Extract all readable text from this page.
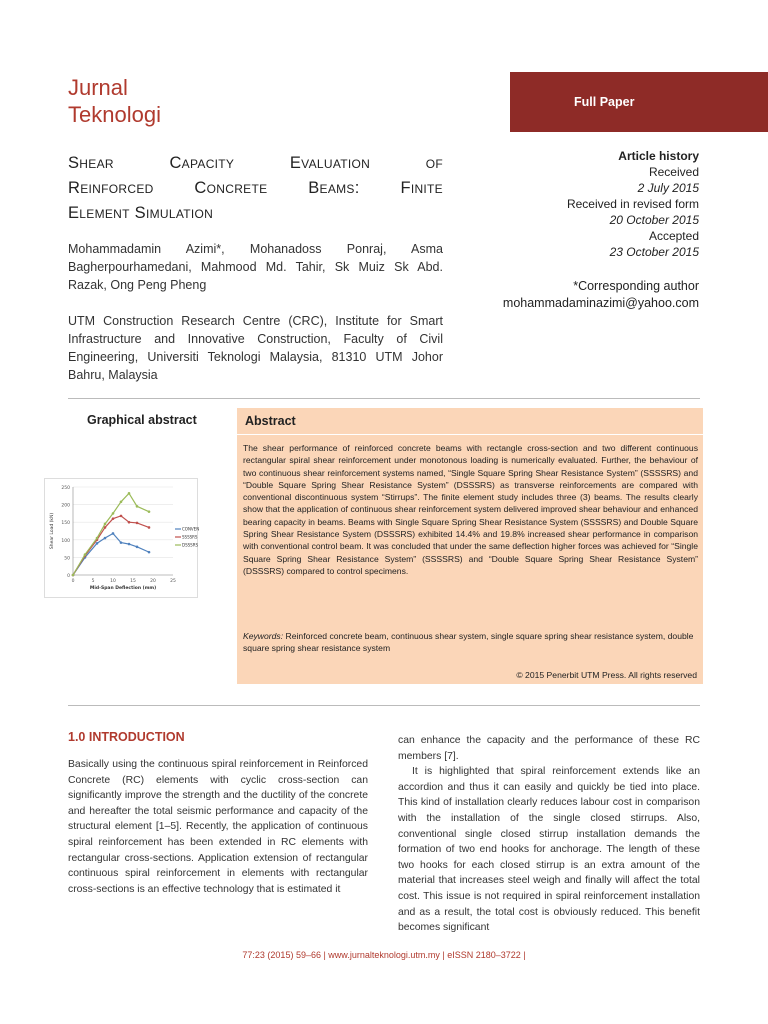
Jurnal
Teknologi	Full Paper
Shear	Capacity	Evaluation	of
Reinforced Concrete Beams: Finite
Element Simulation
Mohammadamin Azimi*, Mohanadoss Ponraj, Asma Bagherpourhamedani, Mahmood Md. Tahir, Sk Muiz Sk Abd. Razak, Ong Peng Pheng
UTM Construction Research Centre (CRC), Institute for Smart Infrastructure and Innovative Construction, Faculty of Civil Engineering, Universiti Teknologi Malaysia, 81310 UTM Johor Bahru, Malaysia
Article history
Received
2 July 2015
Received in revised form
20 October 2015
Accepted
23 October 2015
*Corresponding author
mohammadaminazimi@yahoo.com
Graphical abstract
0
50
100
150
200
250
0	5	10	15	20	25
Mid-Span Deflection (mm)
Shear Load (kN)	CONVEN
SSSSRS
DSSSRS
Abstract
The shear performance of reinforced concrete beams with rectangle cross-section and two different continuous rectangular spiral shear reinforcement under monotonous loading is numerically evaluated. Further, the behaviour of two continuous shear reinforcement systems named, “Single Square Spring Shear Resistance System” (SSSSRS) and “Double Square Spring Shear Resistance System” (DSSSRS) as transverse reinforcements are compared with conventional discontinuous system “Stirrups”. The finite element study includes three (3) beams. The results clearly show that the application of continuous shear reinforcement system delivered improved shear behaviour and enhanced bearing capacity in beams. Beams with Single Square Spring Shear Resistance System (SSSSRS) and Double Square Spring Shear Resistance System (DSSSRS) exhibited 14.4% and 19.8% increased shear performance in comparison with conventional control beam. It was concluded that under the same deflection higher forces was achieved for “Single Square Spring Shear Resistance System” (SSSSRS) and “Double Square Spring Shear Resistance System” (DSSSRS) compared to control specimens.
Keywords: Reinforced concrete beam, continuous shear system, single square spring shear resistance system, double square spring shear resistance system
© 2015 Penerbit UTM Press. All rights reserved
1.0 INTRODUCTION
Basically using the continuous spiral reinforcement in Reinforced Concrete (RC) elements with cyclic cross-section can significantly improve the strength and the ductility of the concrete and hereafter the total seismic performance and capacity of the structural element [1–5]. Recently, the application of continuous spiral reinforcement has been extended in RC elements with rectangular cross-sections. Application extension of rectangular continuous spiral reinforcement in elements with rectangular cross-sections is an effective technology that is estimated it
can enhance the capacity and the performance of these RC members [7].
It is highlighted that spiral reinforcement extends like an accordion and thus it can easily and quickly be tied into place. This kind of installation clearly reduces labour cost in comparison with the installation of the single closed stirrups. Also, conventional single closed stirrup installation demands the formation of two end hooks for anchorage. The length of these two hooks for each closed stirrup is an extra amount of the material that increases steel weigh and finally will affect the total cost. This issue is not required in spiral reinforcement installation and as a result, the total cost is obviously reduced. This benefit becomes significant
77:23 (2015) 59–66 | www.jurnalteknologi.utm.my | eISSN 2180–3722 |
